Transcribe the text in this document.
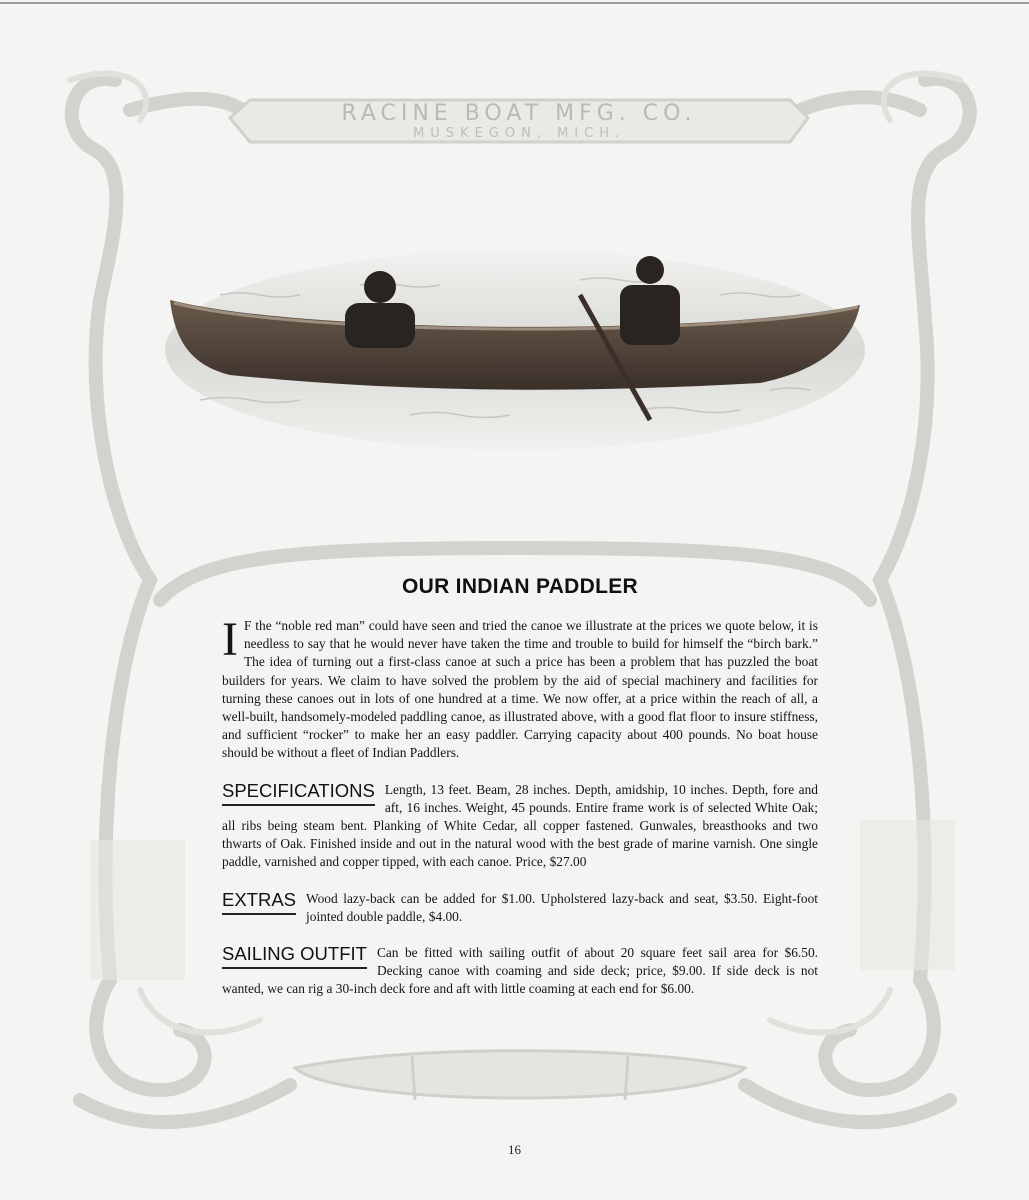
RACINE BOAT MFG. CO.
MUSKEGON, MICH.
OUR INDIAN PADDLER

I F the “noble red man” could have seen and tried the canoe we illustrate at the prices we quote below, it is needless to say that he would never have taken the time and trouble to build for himself the “birch bark.” The idea of turning out a first-class canoe at such a price has been a problem that has puzzled the boat builders for years. We claim to have solved the problem by the aid of special machinery and facilities for turning these canoes out in lots of one hundred at a time. We now offer, at a price within the reach of all, a well-built, handsomely-modeled paddling canoe, as illustrated above, with a good flat floor to insure stiffness, and sufficient “rocker” to make her an easy paddler. Carrying capacity about 400 pounds. No boat house should be without a fleet of Indian Paddlers.

SPECIFICATIONS Length, 13 feet. Beam, 28 inches. Depth, amidship, 10 inches. Depth, fore and aft, 16 inches. Weight, 45 pounds. Entire frame work is of selected White Oak; all ribs being steam bent. Planking of White Cedar, all copper fastened. Gunwales, breasthooks and two thwarts of Oak. Finished inside and out in the natural wood with the best grade of marine varnish. One single paddle, varnished and copper tipped, with each canoe. Price, $27.00

EXTRAS Wood lazy-back can be added for $1.00. Upholstered lazy-back and seat, $3.50. Eight-foot jointed double paddle, $4.00.

SAILING OUTFIT Can be fitted with sailing outfit of about 20 square feet sail area for $6.50. Decking canoe with coaming and side deck; price, $9.00. If side deck is not wanted, we can rig a 30-inch deck fore and aft with little coaming at each end for $6.00.

16
